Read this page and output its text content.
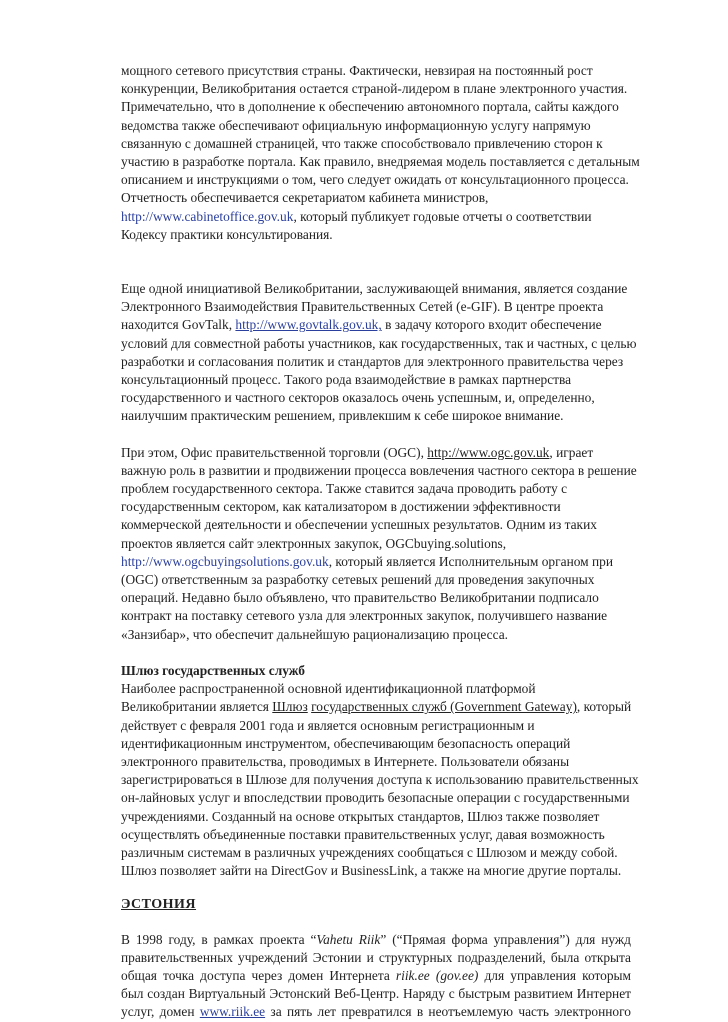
мощного сетевого присутствия страны. Фактически, невзирая на постоянный рост
конкуренции, Великобритания остается страной-лидером в плане электронного участия.
Примечательно, что в дополнение к обеспечению автономного портала, сайты каждого
ведомства также обеспечивают официальную информационную услугу напрямую
связанную с домашней страницей, что также способствовало привлечению сторон к
участию в разработке портала. Как правило, внедряемая модель поставляется с детальным
описанием и инструкциями о том, чего следует ожидать от консультационного процесса.
Отчетность обеспечивается секретариатом кабинета министров,
http://www.cabinetoffice.gov.uk, который публикует годовые отчеты о соответствии
Кодексу практики консультирования.

Еще одной инициативой Великобритании, заслуживающей внимания, является создание
Электронного Взаимодействия Правительственных Сетей (e-GIF). В центре проекта
находится GovTalk, http://www.govtalk.gov.uk, в задачу которого входит обеспечение
условий для совместной работы участников, как государственных, так и частных, с целью
разработки и согласования политик и стандартов для электронного правительства через
консультационный процесс. Такого рода взаимодействие в рамках партнерства
государственного и частного секторов оказалось очень успешным, и, определенно,
наилучшим практическим решением, привлекшим к себе широкое внимание.

При этом, Офис правительственной торговли (OGC), http://www.ogc.gov.uk, играет
важную роль в развитии и продвижении процесса вовлечения частного сектора в решение
проблем государственного сектора. Также ставится задача проводить работу с
государственным сектором, как катализатором в достижении эффективности
коммерческой деятельности и обеспечении успешных результатов. Одним из таких
проектов является сайт электронных закупок, OGCbuying.solutions,
http://www.ogcbuyingsolutions.gov.uk, который является Исполнительным органом при
(OGC) ответственным за разработку сетевых решений для проведения закупочных
операций. Недавно было объявлено, что правительство Великобритании подписало
контракт на поставку сетевого узла для электронных закупок, получившего название
«Занзибар», что обеспечит дальнейшую рационализацию процесса.

Шлюз государственных служб
Наиболее распространенной основной идентификационной платформой
Великобритании является Шлюз государственных служб (Government Gateway), который
действует с февраля 2001 года и является основным регистрационным и
идентификационным инструментом, обеспечивающим безопасность операций
электронного правительства, проводимых в Интернете. Пользователи обязаны
зарегистрироваться в Шлюзе для получения доступа к использованию правительственных
он-лайновых услуг и впоследствии проводить безопасные операции с государственными
учреждениями. Созданный на основе открытых стандартов, Шлюз также позволяет
осуществлять объединенные поставки правительственных услуг, давая возможность
различным системам в различных учреждениях сообщаться с Шлюзом и между собой.
Шлюз позволяет зайти на DirectGov и BusinessLink, а также на многие другие порталы.

ЭСТОНИЯ

В 1998 году, в рамках проекта “Vahetu Riik” (“Прямая форма управления”) для нужд
правительственных учреждений Эстонии и структурных подразделений, была открыта
общая точка доступа через домен Интернета riik.ee (gov.ee) для управления которым
был создан Виртуальный Эстонский Веб-Центр. Наряду с быстрым развитием Интернет
услуг, домен www.riik.ee за пять лет превратился в неотъемлемую часть электронного
